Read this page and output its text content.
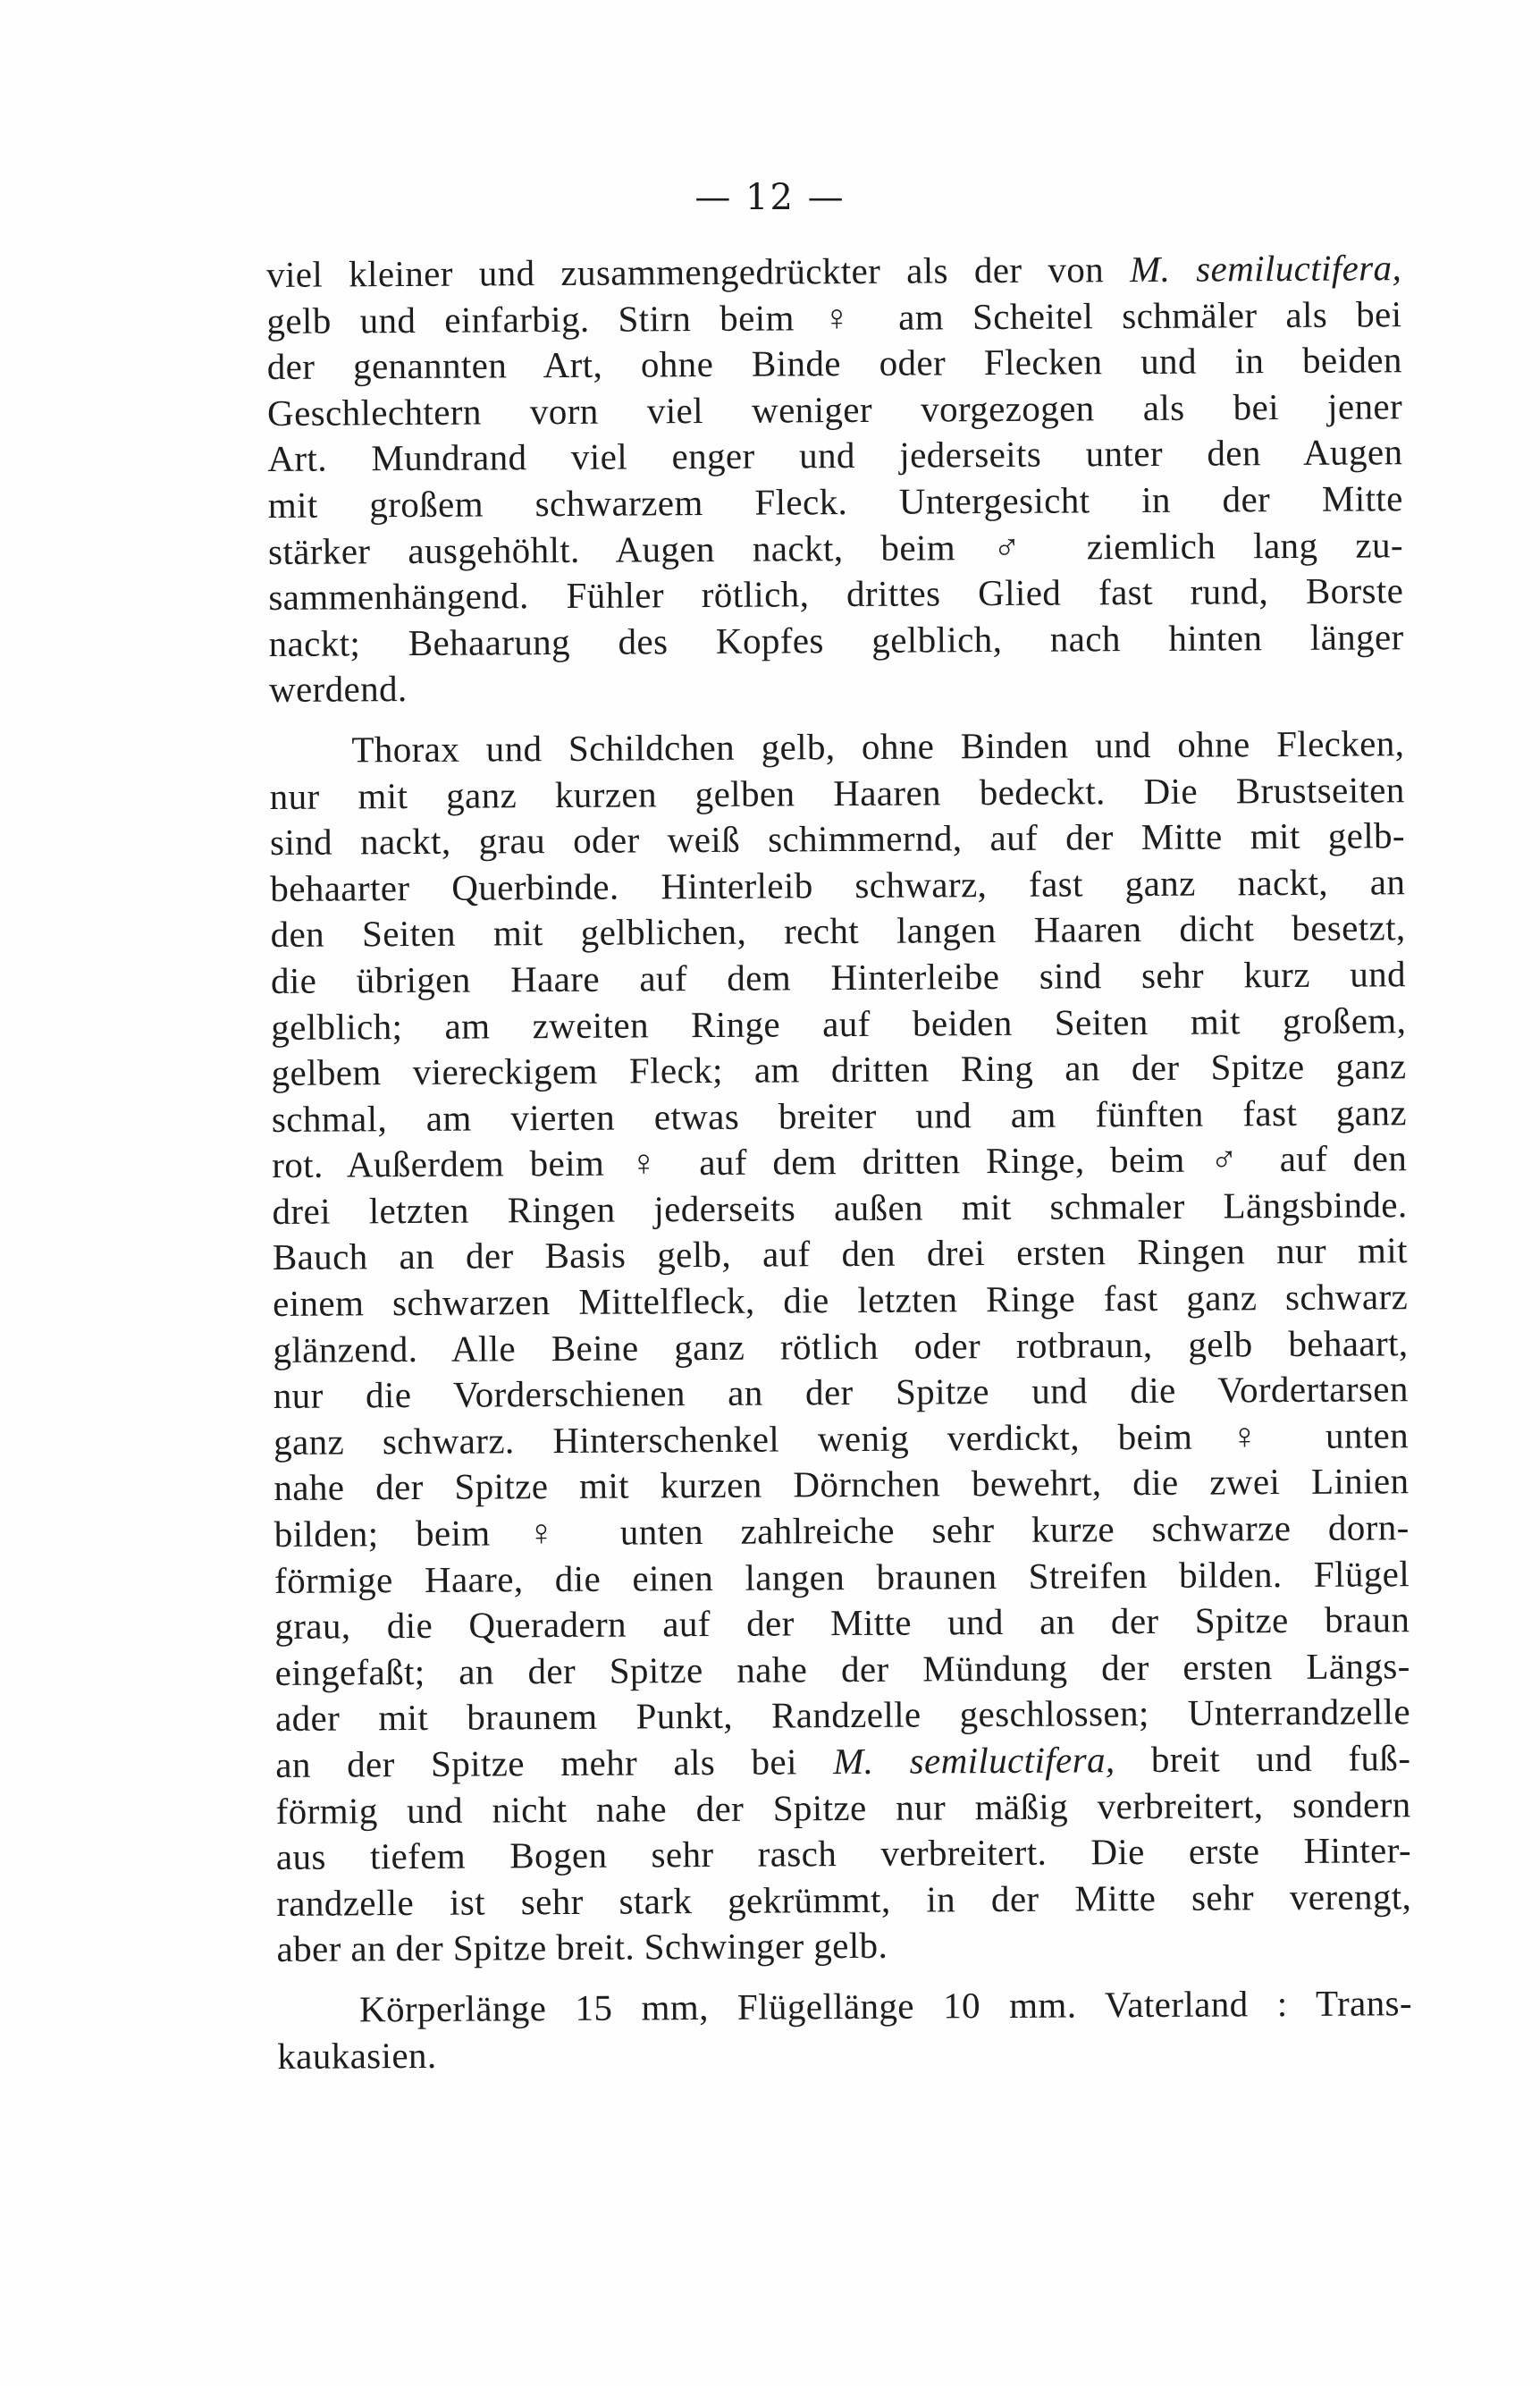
— 12 —
viel kleiner und zusammengedrückter als der von M. semiluctifera,
gelb und einfarbig. Stirn beim ♀ am Scheitel schmäler als bei
der genannten Art, ohne Binde oder Flecken und in beiden
Geschlechtern vorn viel weniger vorgezogen als bei jener
Art. Mundrand viel enger und jederseits unter den Augen
mit großem schwarzem Fleck. Untergesicht in der Mitte
stärker ausgehöhlt. Augen nackt, beim ♂ ziemlich lang zu-
sammenhängend. Fühler rötlich, drittes Glied fast rund, Borste
nackt; Behaarung des Kopfes gelblich, nach hinten länger
werdend.
Thorax und Schildchen gelb, ohne Binden und ohne Flecken,
nur mit ganz kurzen gelben Haaren bedeckt. Die Brustseiten
sind nackt, grau oder weiß schimmernd, auf der Mitte mit gelb-
behaarter Querbinde. Hinterleib schwarz, fast ganz nackt, an
den Seiten mit gelblichen, recht langen Haaren dicht besetzt,
die übrigen Haare auf dem Hinterleibe sind sehr kurz und
gelblich; am zweiten Ringe auf beiden Seiten mit großem,
gelbem viereckigem Fleck; am dritten Ring an der Spitze ganz
schmal, am vierten etwas breiter und am fünften fast ganz
rot. Außerdem beim ♀ auf dem dritten Ringe, beim ♂ auf den
drei letzten Ringen jederseits außen mit schmaler Längsbinde.
Bauch an der Basis gelb, auf den drei ersten Ringen nur mit
einem schwarzen Mittelfleck, die letzten Ringe fast ganz schwarz
glänzend. Alle Beine ganz rötlich oder rotbraun, gelb behaart,
nur die Vorderschienen an der Spitze und die Vordertarsen
ganz schwarz. Hinterschenkel wenig verdickt, beim ♀ unten
nahe der Spitze mit kurzen Dörnchen bewehrt, die zwei Linien
bilden; beim ♀ unten zahlreiche sehr kurze schwarze dorn-
förmige Haare, die einen langen braunen Streifen bilden. Flügel
grau, die Queradern auf der Mitte und an der Spitze braun
eingefaßt; an der Spitze nahe der Mündung der ersten Längs-
ader mit braunem Punkt, Randzelle geschlossen; Unterrandzelle
an der Spitze mehr als bei M. semiluctifera, breit und fuß-
förmig und nicht nahe der Spitze nur mäßig verbreitert, sondern
aus tiefem Bogen sehr rasch verbreitert. Die erste Hinter-
randzelle ist sehr stark gekrümmt, in der Mitte sehr verengt,
aber an der Spitze breit. Schwinger gelb.
Körperlänge 15 mm, Flügellänge 10 mm. Vaterland : Trans-
kaukasien.
